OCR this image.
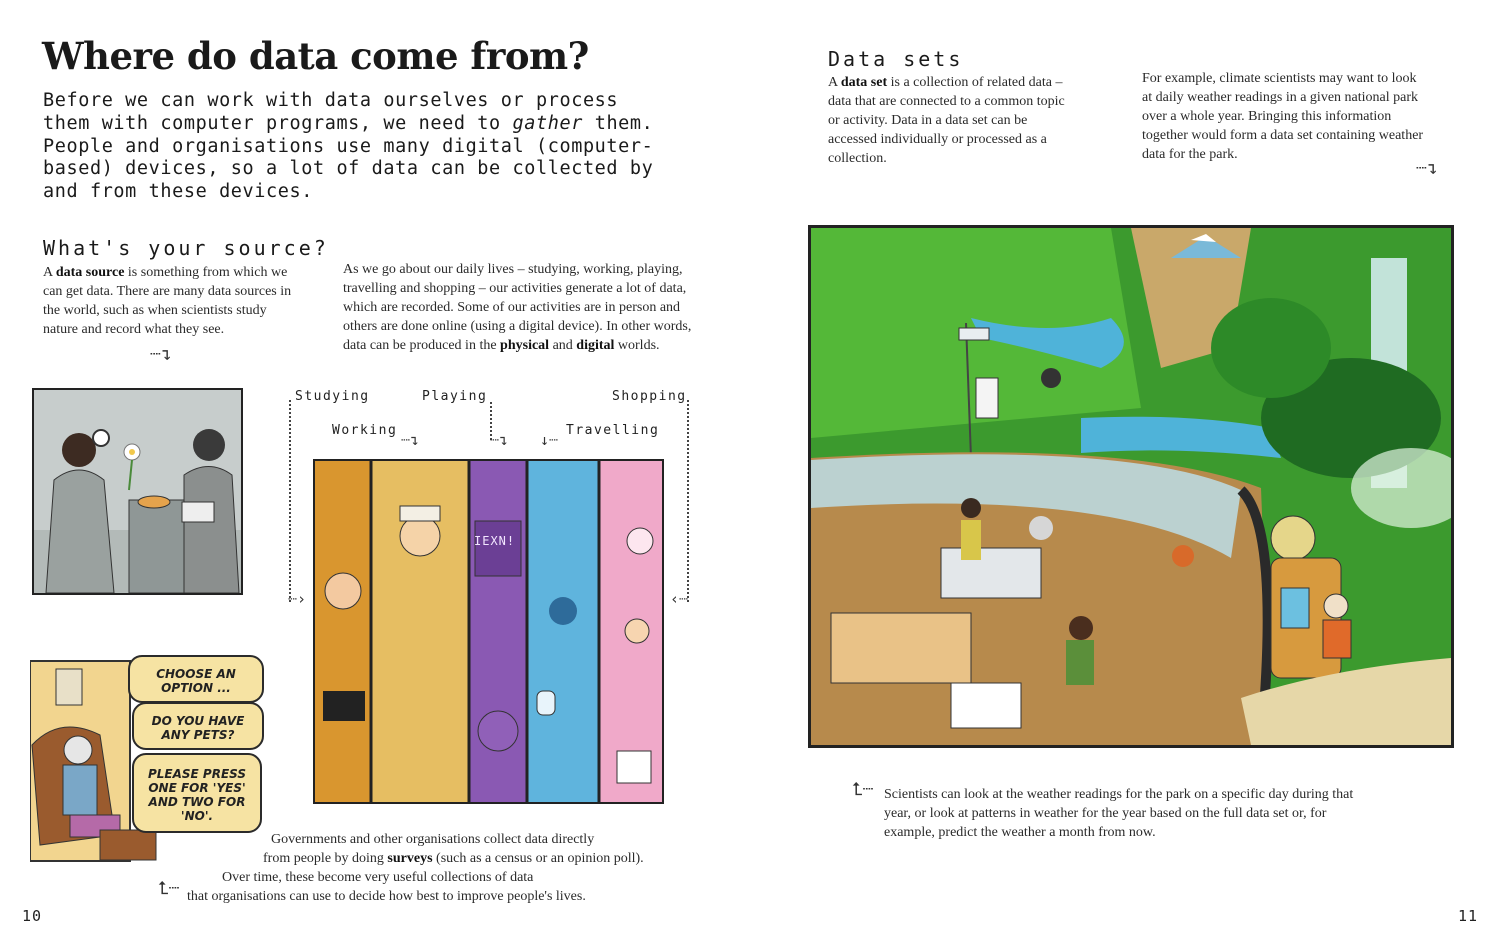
Where do data come from?
Before we can work with data ourselves or process them with computer programs, we need to gather them. People and organisations use many digital (computer-based) devices, so a lot of data can be collected by and from these devices.
What's your source?
A data source is something from which we can get data. There are many data sources in the world, such as when scientists study nature and record what they see.
┈↴
As we go about our daily lives – studying, working, playing, travelling and shopping – our activities generate a lot of data, which are recorded. Some of our activities are in person and others are done online (using a digital device). In other words, data can be produced in the physical and digital worlds.
Studying	Playing	Shopping
Working	Travelling
┈›	‹┈
┈↴	┈↴ ↓┈
IEXN!
CHOOSE AN OPTION ...
DO YOU HAVE ANY PETS?
PLEASE PRESS ONE FOR 'YES' AND TWO FOR 'NO'.
Governments and other organisations collect data directly
from people by doing surveys (such as a census or an opinion poll).
Over time, these become very useful collections of data
that organisations can use to decide how best to improve people's lives.
⮤┈
10
Data sets
A data set is a collection of related data – data that are connected to a common topic or activity. Data in a data set can be accessed individually or processed as a collection.
For example, climate scientists may want to look at daily weather readings in a given national park over a whole year. Bringing this information together would form a data set containing weather data for the park.
┈↴
⮤┈ Scientists can look at the weather readings for the park on a specific day during that year, or look at patterns in weather for the year based on the full data set or, for example, predict the weather a month from now.
11
